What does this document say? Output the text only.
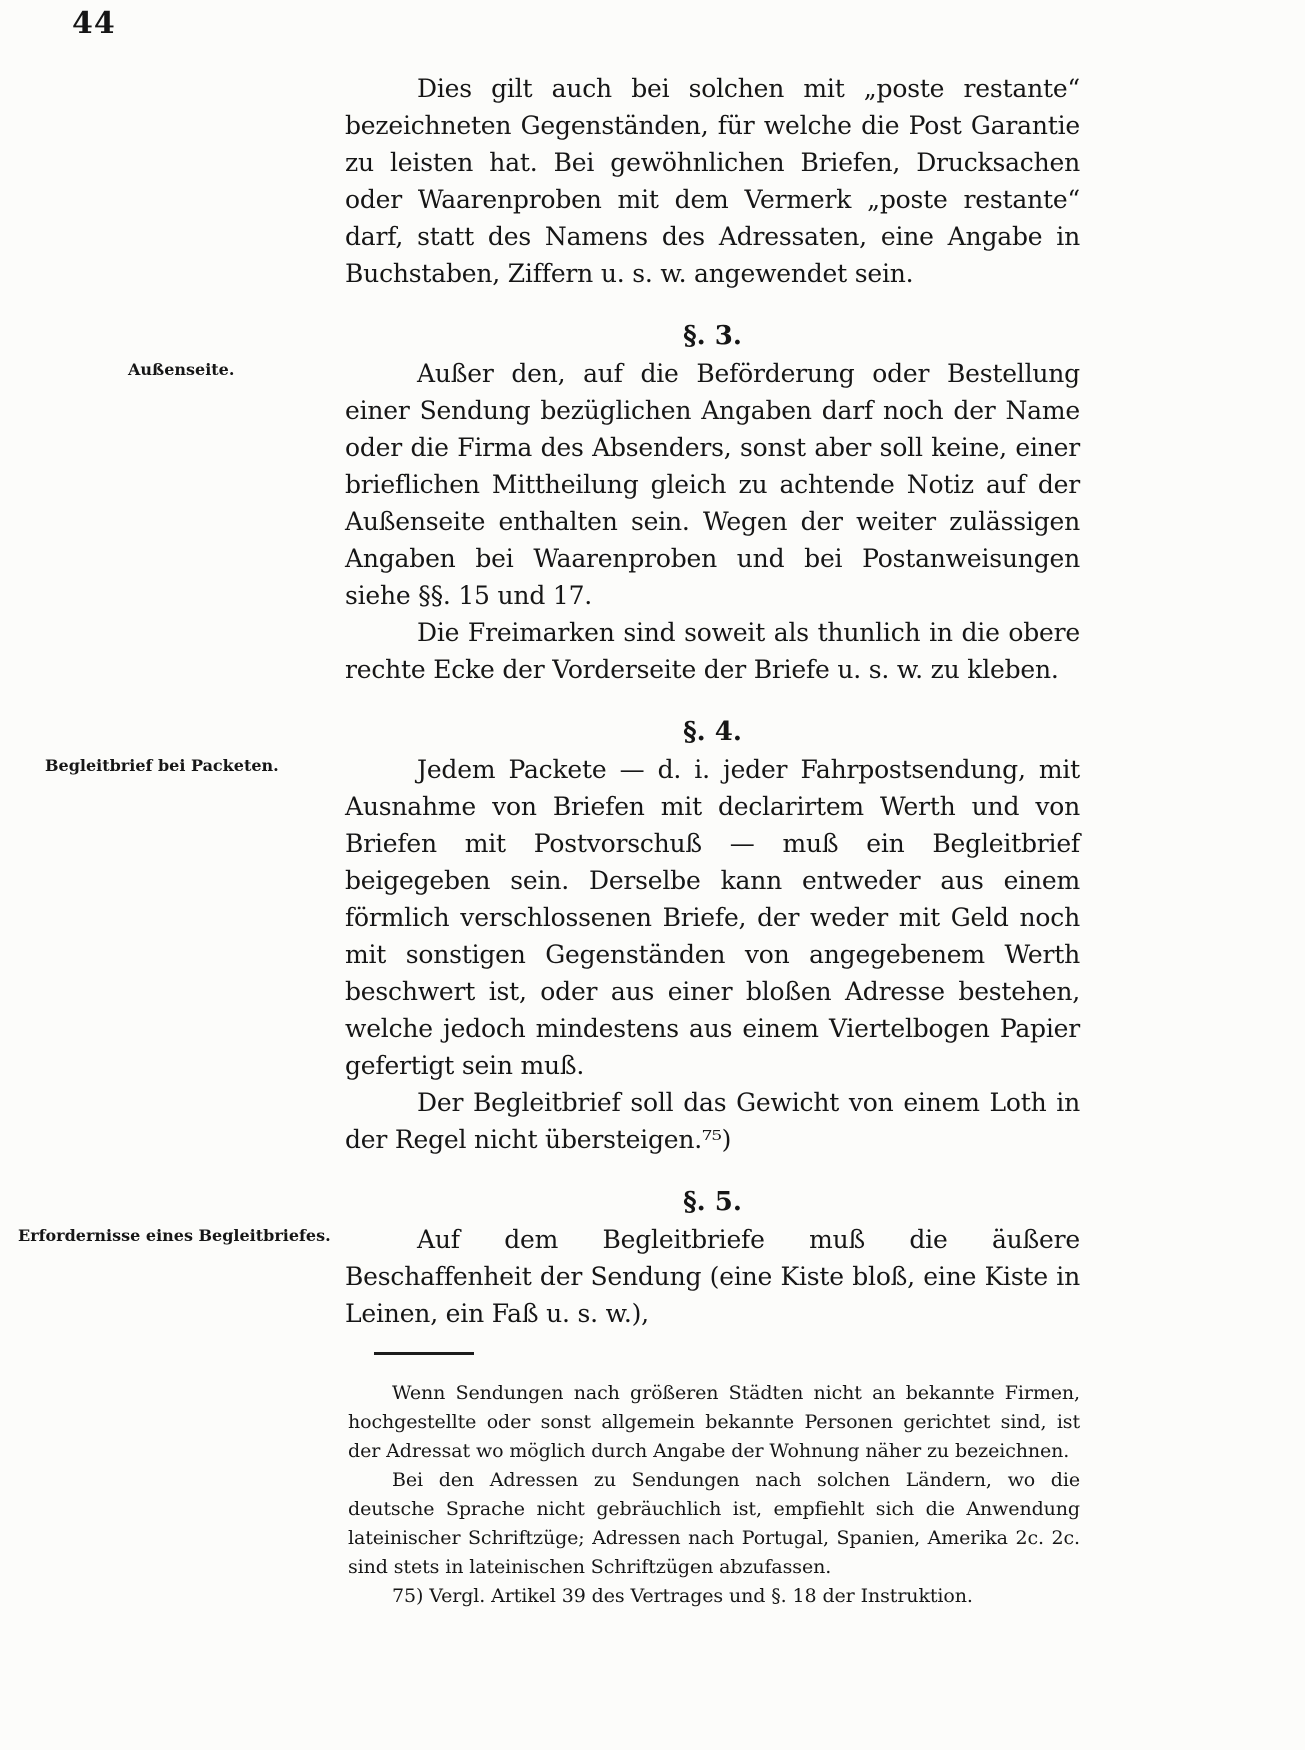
44

Dies gilt auch bei solchen mit „poste restante“ bezeichneten Gegenständen, für welche die Post Garantie zu leisten hat. Bei gewöhnlichen Briefen, Drucksachen oder Waarenproben mit dem Vermerk „poste restante“ darf, statt des Namens des Adressaten, eine Angabe in Buchstaben, Ziffern u. s. w. angewendet sein.

§. 3.
Außenseite.	Außer den, auf die Beförderung oder Bestellung einer Sendung bezüglichen Angaben darf noch der Name oder die Firma des Absenders, sonst aber soll keine, einer brieflichen Mittheilung gleich zu achtende Notiz auf der Außenseite enthalten sein. Wegen der weiter zulässigen Angaben bei Waarenproben und bei Postanweisungen siehe §§. 15 und 17.

Die Freimarken sind soweit als thunlich in die obere rechte Ecke der Vorderseite der Briefe u. s. w. zu kleben.

§. 4.
Begleitbrief bei Packeten.	Jedem Packete — d. i. jeder Fahrpostsendung, mit Ausnahme von Briefen mit declarirtem Werth und von Briefen mit Postvorschuß — muß ein Begleitbrief beigegeben sein. Derselbe kann entweder aus einem förmlich verschlossenen Briefe, der weder mit Geld noch mit sonstigen Gegenständen von angegebenem Werth beschwert ist, oder aus einer bloßen Adresse bestehen, welche jedoch mindestens aus einem Viertelbogen Papier gefertigt sein muß.

Der Begleitbrief soll das Gewicht von einem Loth in der Regel nicht übersteigen.⁷⁵)

§. 5.
Erfordernisse eines Begleitbriefes.	Auf dem Begleitbriefe muß die äußere Beschaffenheit der Sendung (eine Kiste bloß, eine Kiste in Leinen, ein Faß u. s. w.),

Wenn Sendungen nach größeren Städten nicht an bekannte Firmen, hochgestellte oder sonst allgemein bekannte Personen gerichtet sind, ist der Adressat wo möglich durch Angabe der Wohnung näher zu bezeichnen.

Bei den Adressen zu Sendungen nach solchen Ländern, wo die deutsche Sprache nicht gebräuchlich ist, empfiehlt sich die Anwendung lateinischer Schriftzüge; Adressen nach Portugal, Spanien, Amerika 2c. 2c. sind stets in lateinischen Schriftzügen abzufassen.

75) Vergl. Artikel 39 des Vertrages und §. 18 der Instruktion.
